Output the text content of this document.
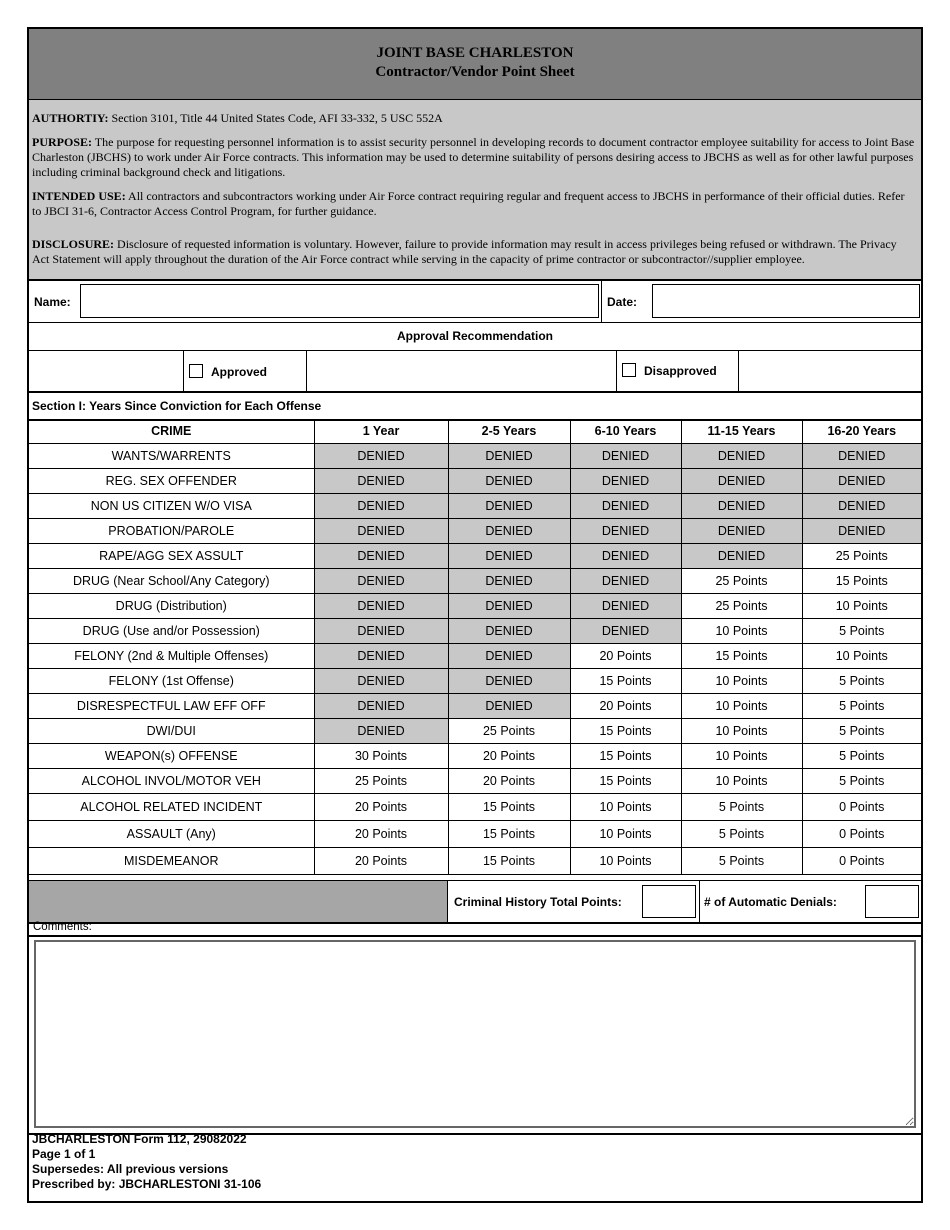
JOINT BASE CHARLESTON
Contractor/Vendor Point Sheet

AUTHORTIY: Section 3101, Title 44 United States Code, AFI 33-332, 5 USC 552A

PURPOSE: The purpose for requesting personnel information is to assist security personnel in developing records to document contractor employee suitability for access to Joint Base Charleston (JBCHS) to work under Air Force contracts. This information may be used to determine suitability of persons desiring access to JBCHS as well as for other lawful purposes including criminal background check and litigations.

INTENDED USE: All contractors and subcontractors working under Air Force contract requiring regular and frequent access to JBCHS in performance of their official duties. Refer to JBCI 31-6, Contractor Access Control Program, for further guidance.

DISCLOSURE: Disclosure of requested information is voluntary. However, failure to provide information may result in access privileges being refused or withdrawn. The Privacy Act Statement will apply throughout the duration of the Air Force contract while serving in the capacity of prime contractor or subcontractor//supplier employee.

Name:	Date:
Approval Recommendation
Approved	Disapproved
Section I: Years Since Conviction for Each Offense
CRIME	1 Year	2-5 Years	6-10 Years	11-15 Years	16-20 Years
WANTS/WARRENTS	DENIED	DENIED	DENIED	DENIED	DENIED
REG. SEX OFFENDER	DENIED	DENIED	DENIED	DENIED	DENIED
NON US CITIZEN W/O VISA	DENIED	DENIED	DENIED	DENIED	DENIED
PROBATION/PAROLE	DENIED	DENIED	DENIED	DENIED	DENIED
RAPE/AGG SEX ASSULT	DENIED	DENIED	DENIED	DENIED	25 Points
DRUG (Near School/Any Category)	DENIED	DENIED	DENIED	25 Points	15 Points
DRUG (Distribution)	DENIED	DENIED	DENIED	25 Points	10 Points
DRUG (Use and/or Possession)	DENIED	DENIED	DENIED	10 Points	5 Points
FELONY (2nd & Multiple Offenses)	DENIED	DENIED	20 Points	15 Points	10 Points
FELONY (1st Offense)	DENIED	DENIED	15 Points	10 Points	5 Points
DISRESPECTFUL LAW EFF OFF	DENIED	DENIED	20 Points	10 Points	5 Points
DWI/DUI	DENIED	25 Points	15 Points	10 Points	5 Points
WEAPON(s) OFFENSE	30 Points	20 Points	15 Points	10 Points	5 Points
ALCOHOL INVOL/MOTOR VEH	25 Points	20 Points	15 Points	10 Points	5 Points
ALCOHOL RELATED INCIDENT	20 Points	15 Points	10 Points	5 Points	0 Points
ASSAULT (Any)	20 Points	15 Points	10 Points	5 Points	0 Points
MISDEMEANOR	20 Points	15 Points	10 Points	5 Points	0 Points
Criminal History Total Points:	# of Automatic Denials:
Comments:
JBCHARLESTON Form 112, 29082022
Page 1 of 1
Supersedes: All previous versions
Prescribed by: JBCHARLESTONI 31-106
